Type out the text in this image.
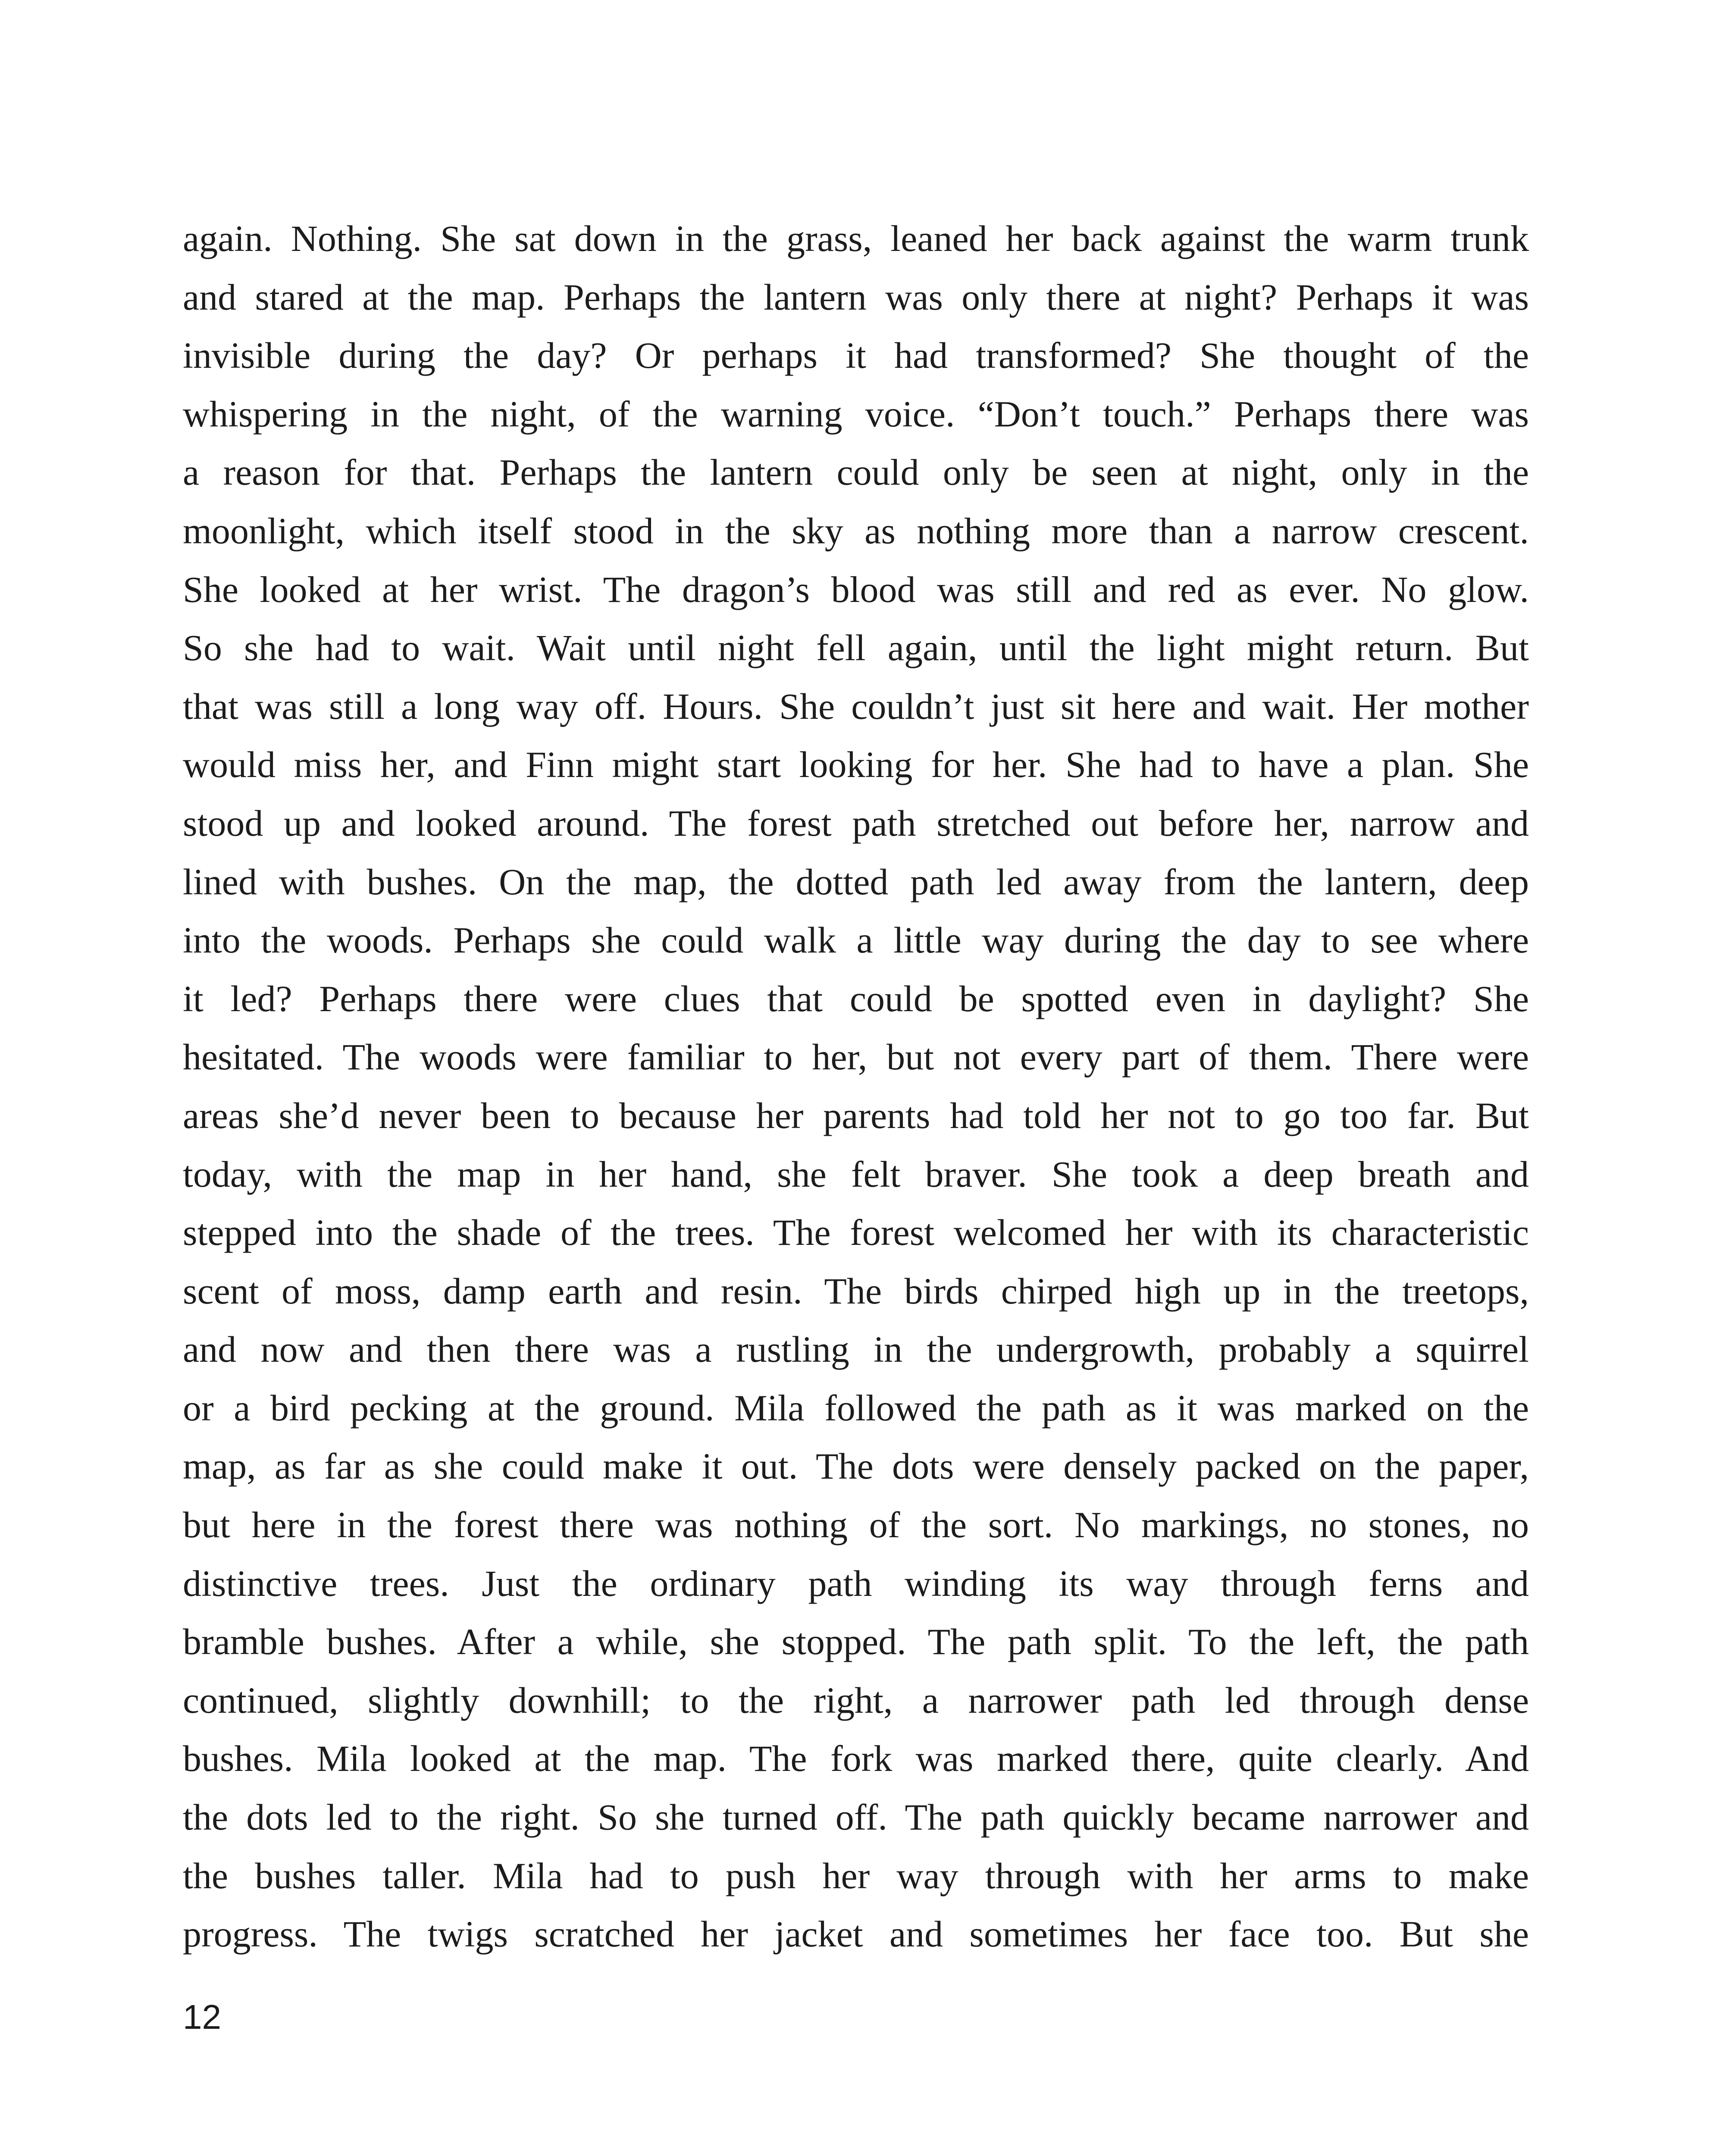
again. Nothing. She sat down in the grass, leaned her back against the warm trunk
and stared at the map. Perhaps the lantern was only there at night? Perhaps it was
invisible during the day? Or perhaps it had transformed? She thought of the
whispering in the night, of the warning voice. “Don’t touch.” Perhaps there was
a reason for that. Perhaps the lantern could only be seen at night, only in the
moonlight, which itself stood in the sky as nothing more than a narrow crescent.
She looked at her wrist. The dragon’s blood was still and red as ever. No glow.
So she had to wait. Wait until night fell again, until the light might return. But
that was still a long way off. Hours. She couldn’t just sit here and wait. Her mother
would miss her, and Finn might start looking for her. She had to have a plan. She
stood up and looked around. The forest path stretched out before her, narrow and
lined with bushes. On the map, the dotted path led away from the lantern, deep
into the woods. Perhaps she could walk a little way during the day to see where
it led? Perhaps there were clues that could be spotted even in daylight? She
hesitated. The woods were familiar to her, but not every part of them. There were
areas she’d never been to because her parents had told her not to go too far. But
today, with the map in her hand, she felt braver. She took a deep breath and
stepped into the shade of the trees. The forest welcomed her with its characteristic
scent of moss, damp earth and resin. The birds chirped high up in the treetops,
and now and then there was a rustling in the undergrowth, probably a squirrel
or a bird pecking at the ground. Mila followed the path as it was marked on the
map, as far as she could make it out. The dots were densely packed on the paper,
but here in the forest there was nothing of the sort. No markings, no stones, no
distinctive trees. Just the ordinary path winding its way through ferns and
bramble bushes. After a while, she stopped. The path split. To the left, the path
continued, slightly downhill; to the right, a narrower path led through dense
bushes. Mila looked at the map. The fork was marked there, quite clearly. And
the dots led to the right. So she turned off. The path quickly became narrower and
the bushes taller. Mila had to push her way through with her arms to make
progress. The twigs scratched her jacket and sometimes her face too. But she
12
